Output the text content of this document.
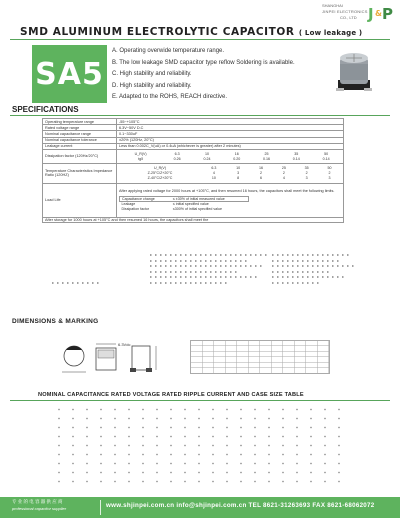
SHANGHAI
JINPEI ELECTRONICS
CO., LTD J & P
SMD ALUMINUM ELECTROLYTIC CAPACITOR ( Low leakage )
SA5
A. Operating overwide temperature range.
B. The low leakage SMD capacitor type reflow Soldering is available.
C. High stability and reliability.
D. High stability and reliability.
E. Adapted to the ROHS, REACH directive.
SPECIFICATIONS
Operating temperature range	-55~+105°C
Rated voltage range	6.3V~50V D.C
Nominal capacitance range	0.1~330uF
Nominal capacitance tolerance	±20% (120Hz, 20°C)
Leakage current	Less than 0.002C_V(uA) or 0.4uA (whichever is greater) after 2 minutes)
Dissipation factor (120Hz/20°C)	
U_R(V)	6.3	10	16	25	35	50
tgδ	0.26	0.24	0.20	0.16	0.14	0.14

Temperature Characteristics Impedance Ratio (120HZ)	
U_R(V)	6.3	10	16	25	35	50
Z-25°C/Z+20°C	4	3	2	2	2	2
Z-40°C/Z+20°C	10	8	6	4	3	3

Load Life	
After applying rated voltage for 2000 hours at +105°C, and then resumed 16 hours, the capacitors shall meet the following limits.
Capacitance change	≤ ±30% of initial measured value
Leakage	≤ initial specified value
Dissipation factor	≤300% of initial specified value

After storage for 1000 hours at +105°C and then resumed 16 hours, the capacitors shall meet the
DIMENSIONS & MARKING
6.3Vdc
NOMINAL CAPACITANCE RATED VOLTAGE RATED RIPPLE CURRENT AND CASE SIZE TABLE
专 业 的 电 容 器 供 应 商
professional capacitor supplier	www.shjinpei.com.cn info@shjinpei.com.cn TEL 8621-31263693 FAX 8621-68062072
